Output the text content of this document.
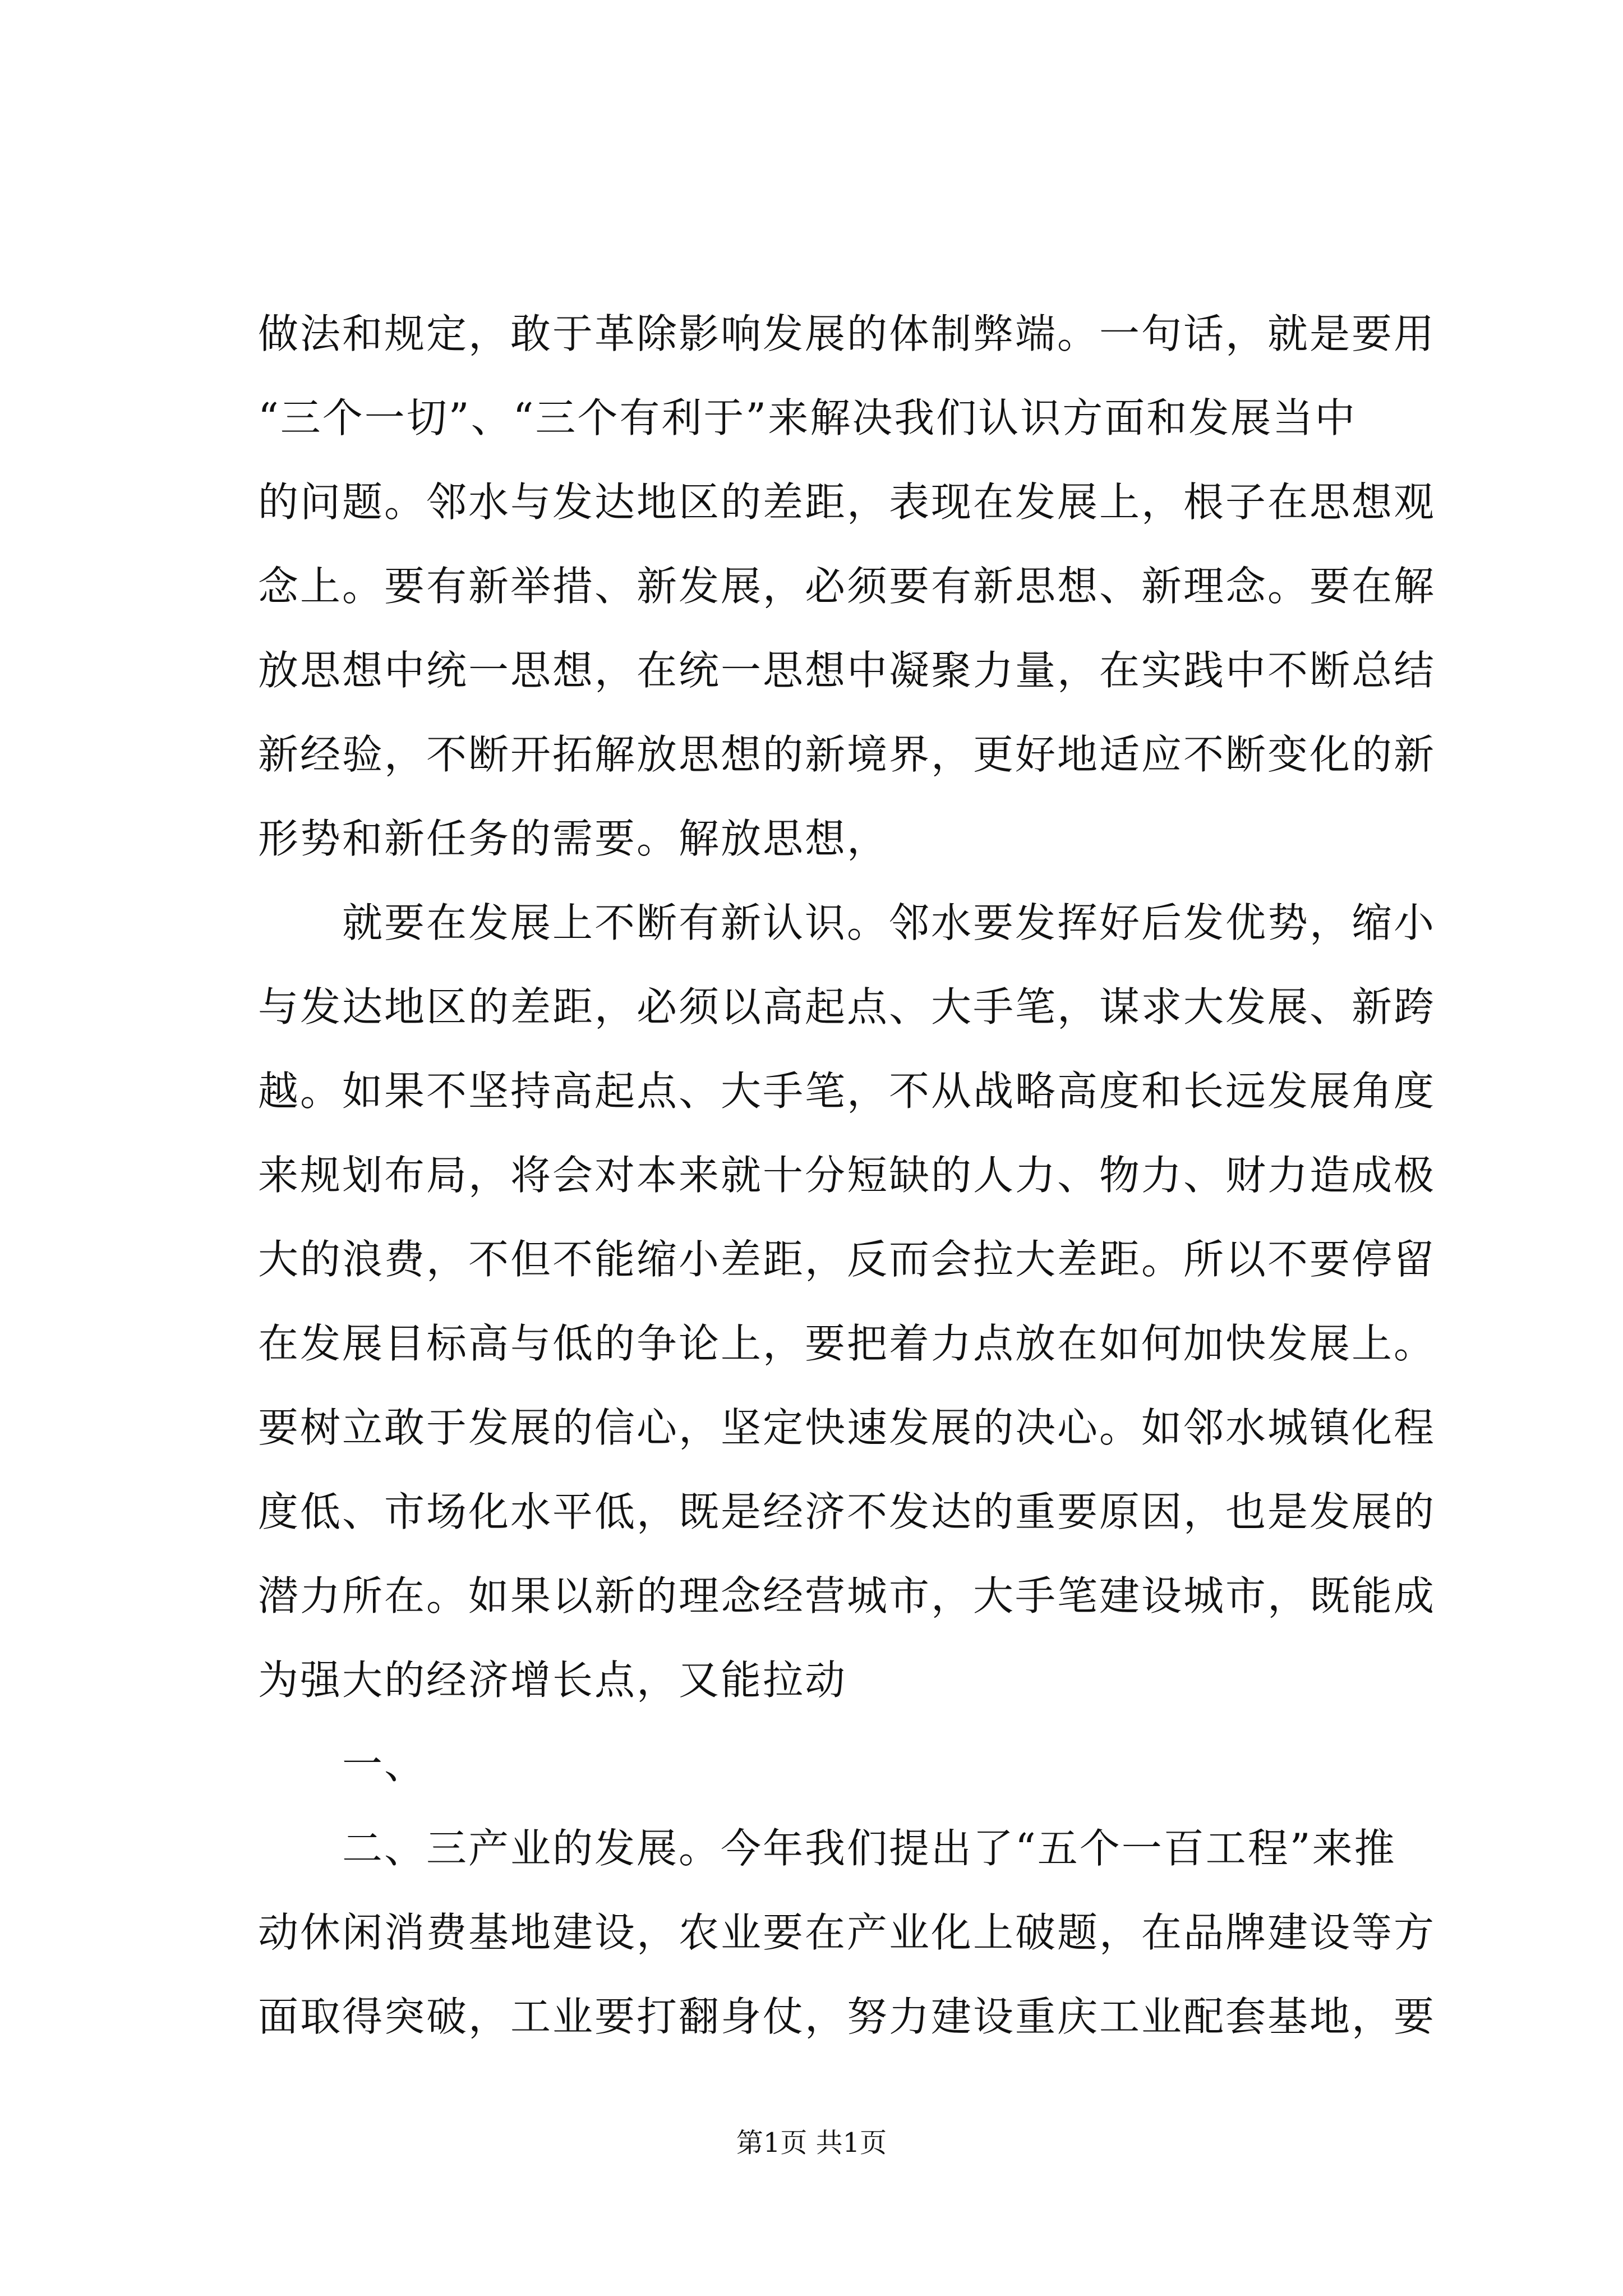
做法和规定，敢于革除影响发展的体制弊端。一句话，就是要用
“三个一切”、“三个有利于”来解决我们认识方面和发展当中
的问题。邻水与发达地区的差距，表现在发展上，根子在思想观
念上。要有新举措、新发展，必须要有新思想、新理念。要在解
放思想中统一思想，在统一思想中凝聚力量，在实践中不断总结
新经验，不断开拓解放思想的新境界，更好地适应不断变化的新
形势和新任务的需要。解放思想，
就要在发展上不断有新认识。邻水要发挥好后发优势，缩小
与发达地区的差距，必须以高起点、大手笔，谋求大发展、新跨
越。如果不坚持高起点、大手笔，不从战略高度和长远发展角度
来规划布局，将会对本来就十分短缺的人力、物力、财力造成极
大的浪费，不但不能缩小差距，反而会拉大差距。所以不要停留
在发展目标高与低的争论上，要把着力点放在如何加快发展上。
要树立敢于发展的信心，坚定快速发展的决心。如邻水城镇化程
度低、市场化水平低，既是经济不发达的重要原因，也是发展的
潜力所在。如果以新的理念经营城市，大手笔建设城市，既能成
为强大的经济增长点，又能拉动
一、
二、三产业的发展。今年我们提出了“五个一百工程”来推
动休闲消费基地建设，农业要在产业化上破题，在品牌建设等方
面取得突破，工业要打翻身仗，努力建设重庆工业配套基地，要
第1页 共1页
